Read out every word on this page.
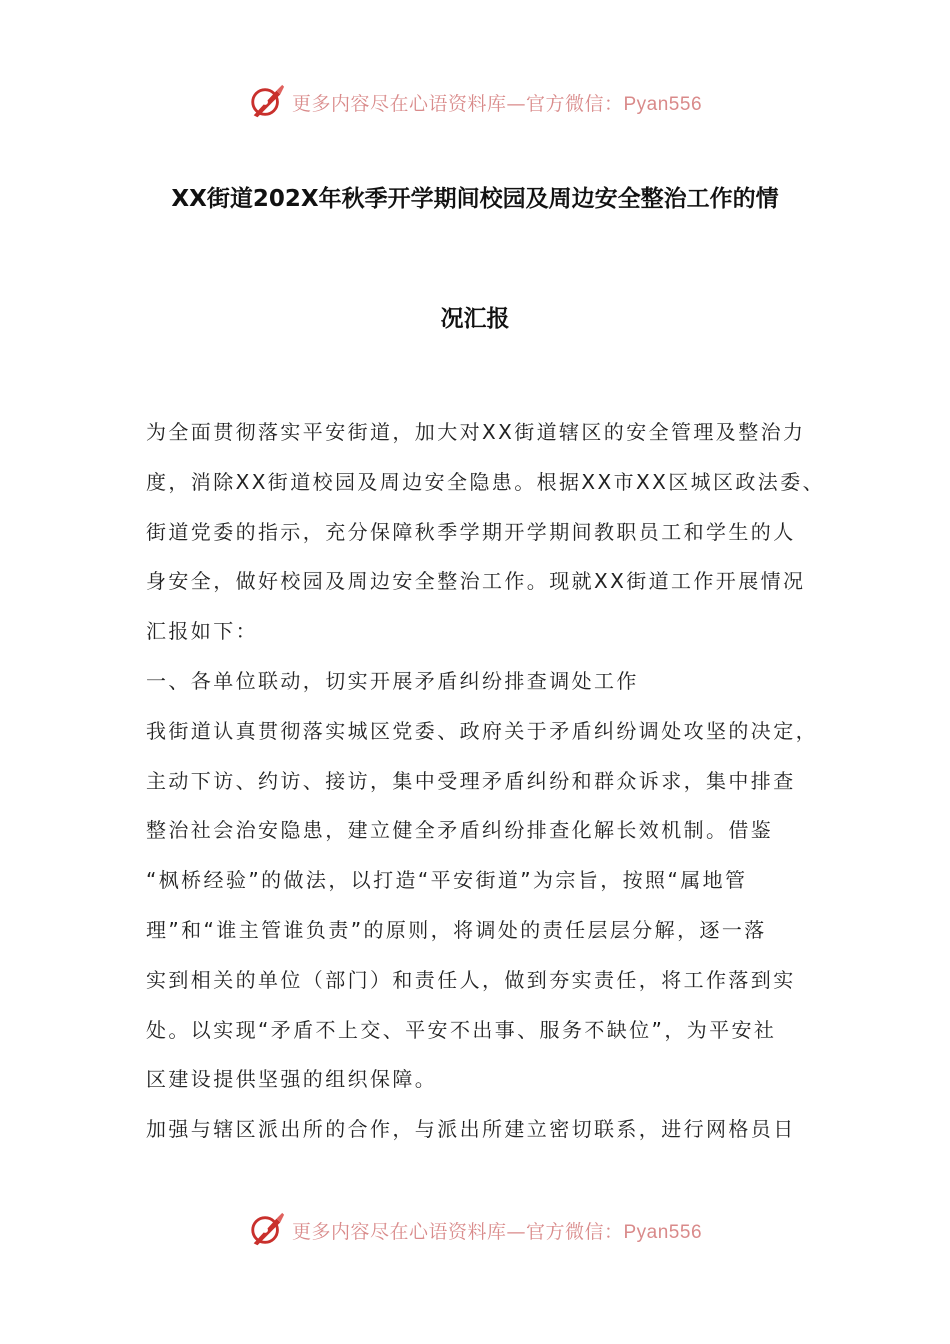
更多内容尽在心语资料库—官方微信：Pyan556
XX街道202X年秋季开学期间校园及周边安全整治工作的情
况汇报
为全面贯彻落实平安街道，加大对XX街道辖区的安全管理及整治力
度，消除XX街道校园及周边安全隐患。根据XX市XX区城区政法委、
街道党委的指示，充分保障秋季学期开学期间教职员工和学生的人
身安全，做好校园及周边安全整治工作。现就XX街道工作开展情况
汇报如下：
一、各单位联动，切实开展矛盾纠纷排查调处工作
我街道认真贯彻落实城区党委、政府关于矛盾纠纷调处攻坚的决定，
主动下访、约访、接访，集中受理矛盾纠纷和群众诉求，集中排查
整治社会治安隐患，建立健全矛盾纠纷排查化解长效机制。借鉴
“枫桥经验”的做法，以打造“平安街道”为宗旨，按照“属地管
理”和“谁主管谁负责”的原则，将调处的责任层层分解，逐一落
实到相关的单位（部门）和责任人，做到夯实责任，将工作落到实
处。以实现“矛盾不上交、平安不出事、服务不缺位”，为平安社
区建设提供坚强的组织保障。
加强与辖区派出所的合作，与派出所建立密切联系，进行网格员日
更多内容尽在心语资料库—官方微信：Pyan556
